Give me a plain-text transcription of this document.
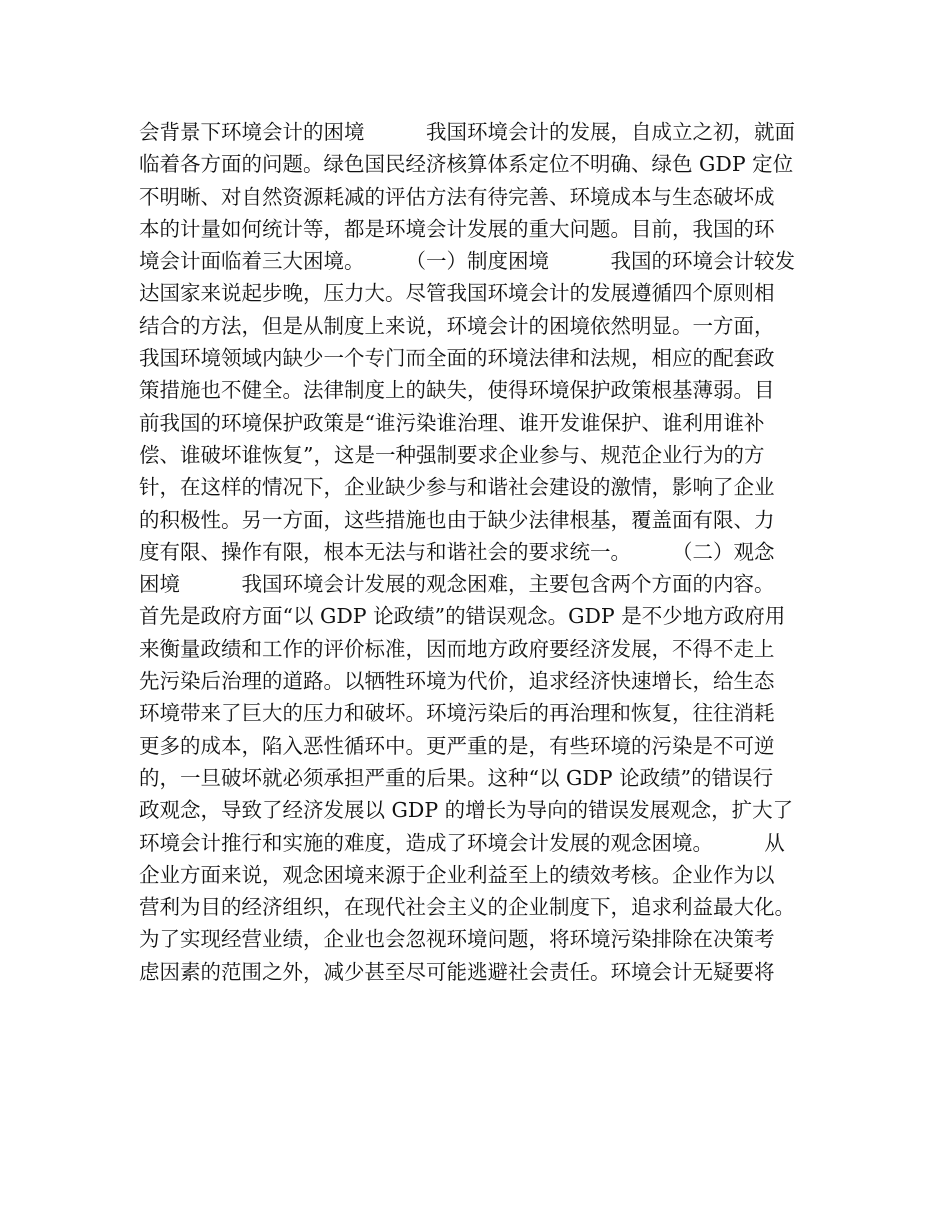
会背景下环境会计的困境　　　我国环境会计的发展，自成立之初，就面
临着各方面的问题。绿色国民经济核算体系定位不明确、绿色 GDP 定位
不明晰、对自然资源耗减的评估方法有待完善、环境成本与生态破坏成
本的计量如何统计等，都是环境会计发展的重大问题。目前，我国的环
境会计面临着三大困境。　　　（一）制度困境　　　我国的环境会计较发
达国家来说起步晚，压力大。尽管我国环境会计的发展遵循四个原则相
结合的方法，但是从制度上来说，环境会计的困境依然明显。一方面，
我国环境领域内缺少一个专门而全面的环境法律和法规，相应的配套政
策措施也不健全。法律制度上的缺失，使得环境保护政策根基薄弱。目
前我国的环境保护政策是“谁污染谁治理、谁开发谁保护、谁利用谁补
偿、谁破坏谁恢复”，这是一种强制要求企业参与、规范企业行为的方
针，在这样的情况下，企业缺少参与和谐社会建设的激情，影响了企业
的积极性。另一方面，这些措施也由于缺少法律根基，覆盖面有限、力
度有限、操作有限，根本无法与和谐社会的要求统一。　　　（二）观念
困境　　　我国环境会计发展的观念困难，主要包含两个方面的内容。
首先是政府方面“以 GDP 论政绩”的错误观念。GDP 是不少地方政府用
来衡量政绩和工作的评价标准，因而地方政府要经济发展，不得不走上
先污染后治理的道路。以牺牲环境为代价，追求经济快速增长，给生态
环境带来了巨大的压力和破坏。环境污染后的再治理和恢复，往往消耗
更多的成本，陷入恶性循环中。更严重的是，有些环境的污染是不可逆
的，一旦破坏就必须承担严重的后果。这种“以 GDP 论政绩”的错误行
政观念，导致了经济发展以 GDP 的增长为导向的错误发展观念，扩大了
环境会计推行和实施的难度，造成了环境会计发展的观念困境。　　　从
企业方面来说，观念困境来源于企业利益至上的绩效考核。企业作为以
营利为目的经济组织，在现代社会主义的企业制度下，追求利益最大化。
为了实现经营业绩，企业也会忽视环境问题，将环境污染排除在决策考
虑因素的范围之外，减少甚至尽可能逃避社会责任。环境会计无疑要将
